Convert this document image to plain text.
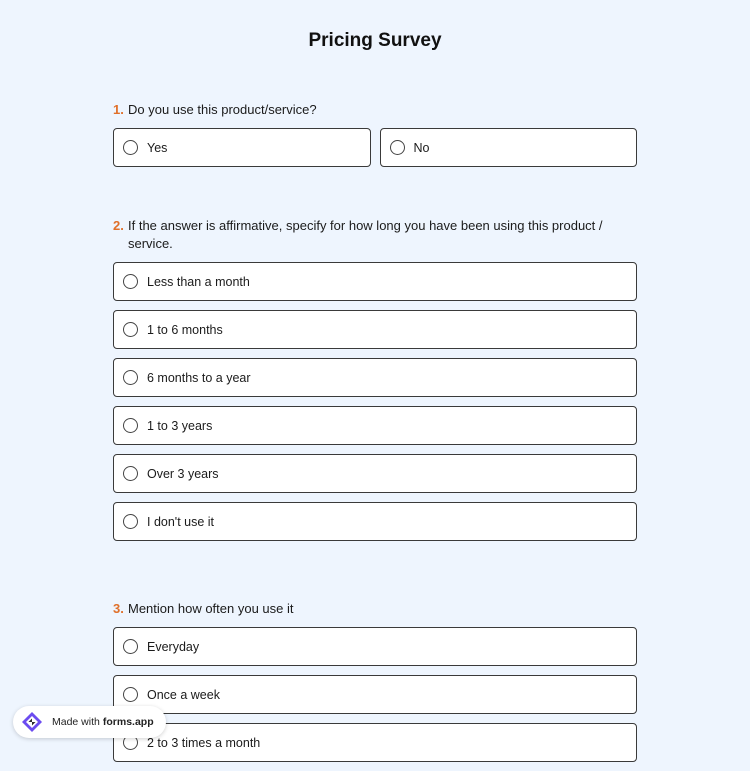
Pricing Survey
1. Do you use this product/service?
Yes	No
2. If the answer is affirmative, specify for how long you have been using this product / service.
Less than a month
1 to 6 months
6 months to a year
1 to 3 years
Over 3 years
I don't use it
3. Mention how often you use it
Everyday
Once a week
2 to 3 times a month
Made with forms.app
